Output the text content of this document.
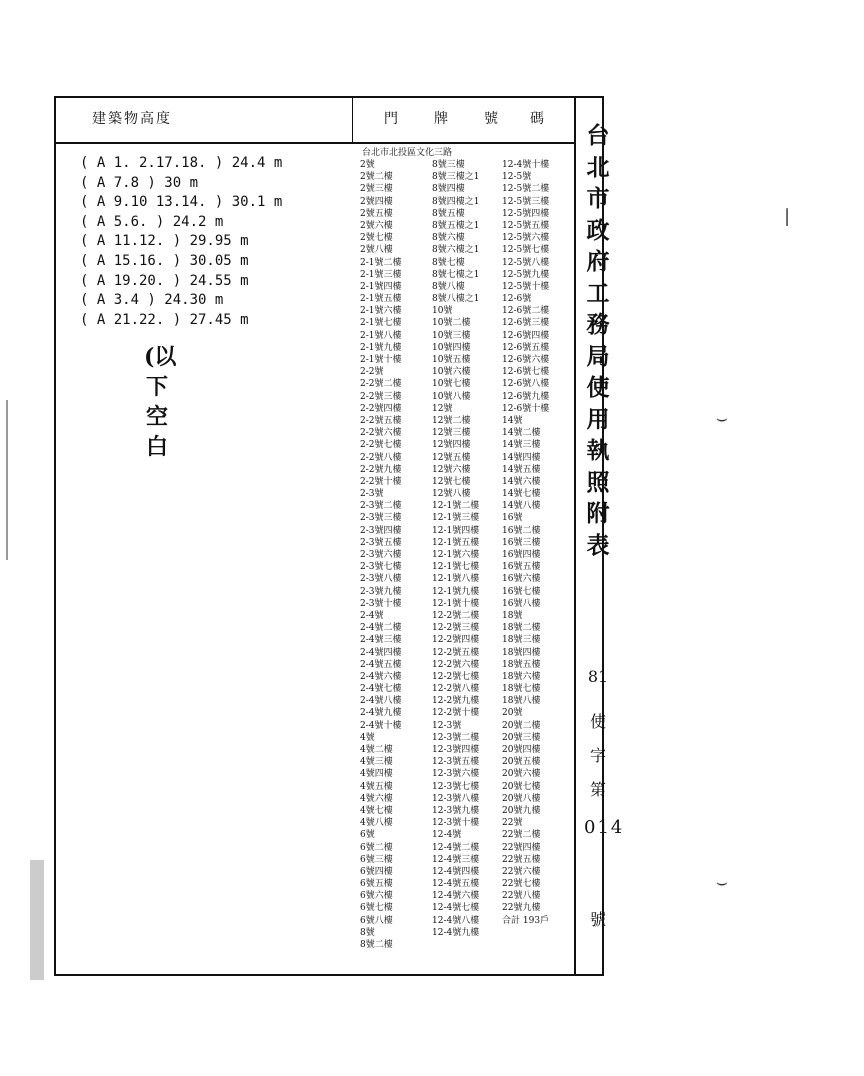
建築物高度	門 牌 號 碼
( A 1. 2.17.18. ) 24.4 m
( A 7.8 ) 30 m
( A 9.10 13.14. ) 30.1 m
( A 5.6. ) 24.2 m
( A 11.12. ) 29.95 m
( A 15.16. ) 30.05 m
( A 19.20. ) 24.55 m
( A 3.4 ) 24.30 m
( A 21.22. ) 27.45 m
(以
下
空
白
台北市北投區文化三路
2號
2號二樓
2號三樓
2號四樓
2號五樓
2號六樓
2號七樓
2號八樓
2-1號二樓
2-1號三樓
2-1號四樓
2-1號五樓
2-1號六樓
2-1號七樓
2-1號八樓
2-1號九樓
2-1號十樓
2-2號
2-2號二樓
2-2號三樓
2-2號四樓
2-2號五樓
2-2號六樓
2-2號七樓
2-2號八樓
2-2號九樓
2-2號十樓
2-3號
2-3號二樓
2-3號三樓
2-3號四樓
2-3號五樓
2-3號六樓
2-3號七樓
2-3號八樓
2-3號九樓
2-3號十樓
2-4號
2-4號二樓
2-4號三樓
2-4號四樓
2-4號五樓
2-4號六樓
2-4號七樓
2-4號八樓
2-4號九樓
2-4號十樓
4號
4號二樓
4號三樓
4號四樓
4號五樓
4號六樓
4號七樓
4號八樓
6號
6號二樓
6號三樓
6號四樓
6號五樓
6號六樓
6號七樓
6號八樓
8號
8號二樓
8號三樓
8號三樓之1
8號四樓
8號四樓之1
8號五樓
8號五樓之1
8號六樓
8號六樓之1
8號七樓
8號七樓之1
8號八樓
8號八樓之1
10號
10號二樓
10號三樓
10號四樓
10號五樓
10號六樓
10號七樓
10號八樓
12號
12號二樓
12號三樓
12號四樓
12號五樓
12號六樓
12號七樓
12號八樓
12-1號二樓
12-1號三樓
12-1號四樓
12-1號五樓
12-1號六樓
12-1號七樓
12-1號八樓
12-1號九樓
12-1號十樓
12-2號二樓
12-2號三樓
12-2號四樓
12-2號五樓
12-2號六樓
12-2號七樓
12-2號八樓
12-2號九樓
12-2號十樓
12-3號
12-3號二樓
12-3號四樓
12-3號五樓
12-3號六樓
12-3號七樓
12-3號八樓
12-3號九樓
12-3號十樓
12-4號
12-4號二樓
12-4號三樓
12-4號四樓
12-4號五樓
12-4號六樓
12-4號七樓
12-4號八樓
12-4號九樓
12-4號十樓
12-5號
12-5號二樓
12-5號三樓
12-5號四樓
12-5號五樓
12-5號六樓
12-5號七樓
12-5號八樓
12-5號九樓
12-5號十樓
12-6號
12-6號二樓
12-6號三樓
12-6號四樓
12-6號五樓
12-6號六樓
12-6號七樓
12-6號八樓
12-6號九樓
12-6號十樓
14號
14號二樓
14號三樓
14號四樓
14號五樓
14號六樓
14號七樓
14號八樓
16號
16號二樓
16號三樓
16號四樓
16號五樓
16號六樓
16號七樓
16號八樓
18號
18號二樓
18號三樓
18號四樓
18號五樓
18號六樓
18號七樓
18號八樓
20號
20號二樓
20號三樓
20號四樓
20號五樓
20號六樓
20號七樓
20號八樓
20號九樓
22號
22號二樓
22號四樓
22號五樓
22號六樓
22號七樓
22號八樓
22號九樓
合計 193戶
台
北
市
政
府
工
務
局
使
用
執
照
附
表
81
使
字
第
014
號
⌣
⌣
|
